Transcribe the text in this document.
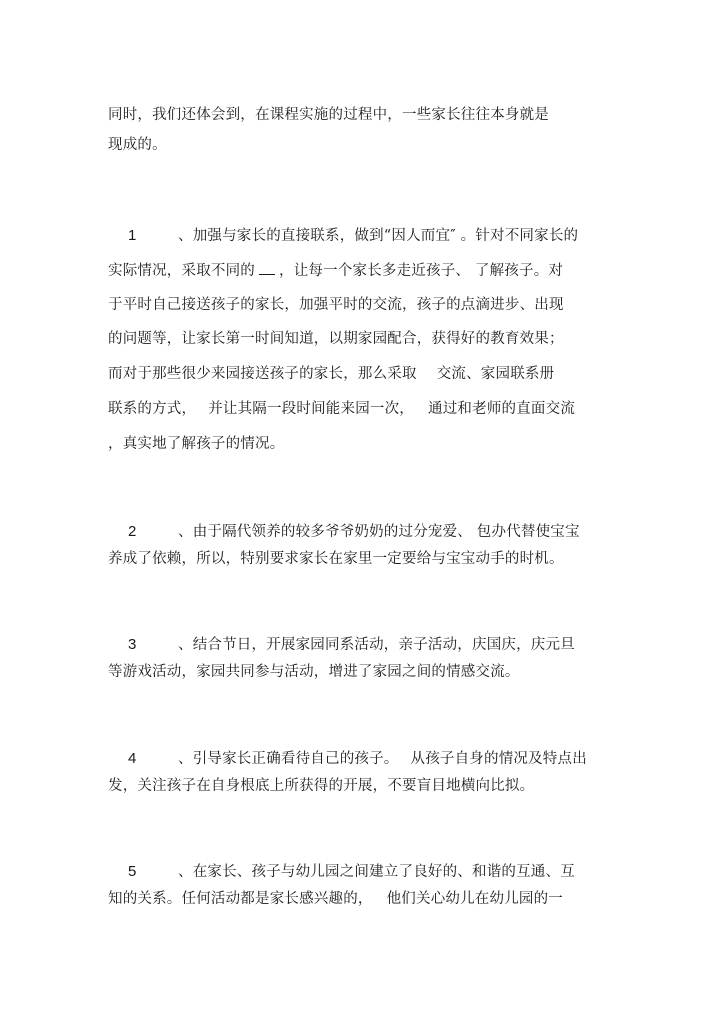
同时，我们还体会到，在课程实施的过程中，一些家长往往本身就是
现成的。
1	、加强与家长的直接联系，做到“因人而宜″ 。针对不同家长的
实际情况，采取不同的 ，让每一个家长多走近孩子、 了解孩子。对
于平时自己接送孩子的家长，加强平时的交流，孩子的点滴进步、出现
的问题等，让家长第一时间知道，以期家园配合，获得好的教育效果；
而对于那些很少来园接送孩子的家长，那么采取 交流、家园联系册
联系的方式， 并让其隔一段时间能来园一次， 通过和老师的直面交流
，真实地了解孩子的情况。
2	、由于隔代领养的较多爷爷奶奶的过分宠爱、 包办代替使宝宝
养成了依赖，所以，特别要求家长在家里一定要给与宝宝动手的时机。
3	、结合节日，开展家园同系活动，亲子活动，庆国庆，庆元旦
等游戏活动，家园共同参与活动，增进了家园之间的情感交流。
4	、引导家长正确看待自己的孩子。 从孩子自身的情况及特点出
发，关注孩子在自身根底上所获得的开展，不要盲目地横向比拟。
5	、在家长、孩子与幼儿园之间建立了良好的、和谐的互通、互
知的关系。任何活动都是家长感兴趣的， 他们关心幼儿在幼儿园的一
